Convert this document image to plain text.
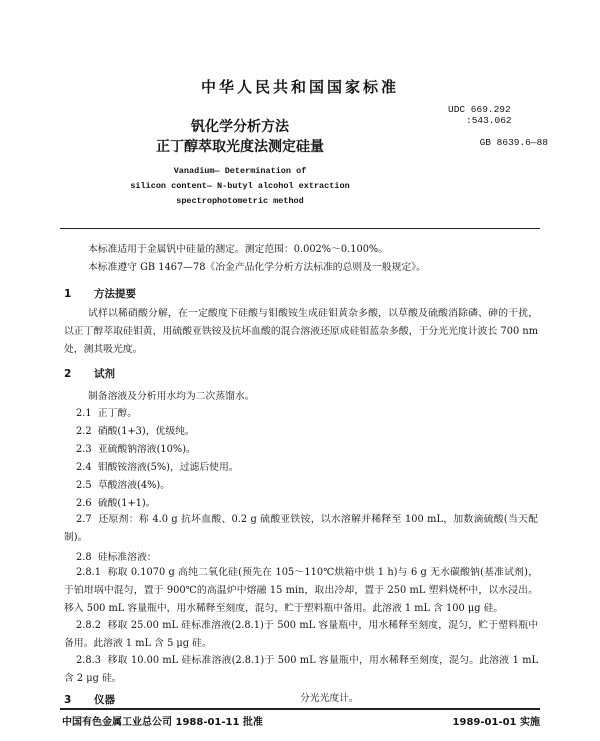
中华人民共和国国家标准
钒化学分析方法
正丁醇萃取光度法测定硅量
UDC 669.292
:543.062
GB 8639.6—88
Vanadium— Determination of
silicon content— N-butyl alcohol extraction
spectrophotometric method
本标准适用于金属钒中硅量的测定。测定范围：0.002%～0.100%。
本标准遵守 GB 1467—78《冶金产品化学分析方法标准的总则及一般规定》。
1 方法提要
试样以稀硝酸分解，在一定酸度下硅酸与钼酸铵生成硅钼黄杂多酸，以草酸及硫酸消除磷、砷的干扰，以正丁醇萃取硅钼黄，用硫酸亚铁铵及抗坏血酸的混合溶液还原成硅钼蓝杂多酸，于分光光度计波长 700 nm 处，测其吸光度。
2 试剂
制备溶液及分析用水均为二次蒸馏水。
2.1 正丁醇。
2.2 硝酸(1+3)，优级纯。
2.3 亚硫酸钠溶液(10%)。
2.4 钼酸铵溶液(5%)，过滤后使用。
2.5 草酸溶液(4%)。
2.6 硫酸(1+1)。
2.7 还原剂：称 4.0 g 抗坏血酸、0.2 g 硫酸亚铁铵，以水溶解并稀释至 100 mL，加数滴硫酸(当天配制)。
2.8 硅标准溶液：
2.8.1 称取 0.1070 g 高纯二氧化硅(预先在 105～110℃烘箱中烘 1 h)与 6 g 无水碳酸钠(基准试剂)，于铂坩埚中混匀，置于 900℃的高温炉中熔融 15 min，取出冷却，置于 250 mL 塑料烧杯中，以水浸出。移入 500 mL 容量瓶中，用水稀释至刻度，混匀，贮于塑料瓶中备用。此溶液 1 mL 含 100 μg 硅。
2.8.2 移取 25.00 mL 硅标准溶液(2.8.1)于 500 mL 容量瓶中，用水稀释至刻度，混匀，贮于塑料瓶中备用。此溶液 1 mL 含 5 μg 硅。
2.8.3 移取 10.00 mL 硅标准溶液(2.8.1)于 500 mL 容量瓶中，用水稀释至刻度，混匀。此溶液 1 mL 含 2 μg 硅。
3 仪器	分光光度计。
中国有色金属工业总公司 1988-01-11 批准	1989-01-01 实施
